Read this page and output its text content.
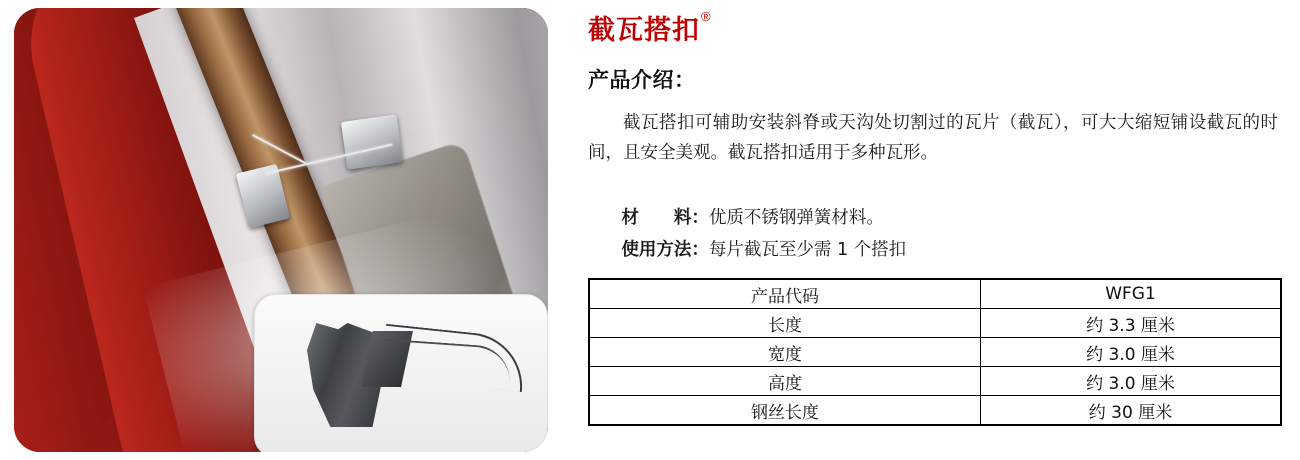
截瓦搭扣®
产品介绍：
截瓦搭扣可辅助安装斜脊或天沟处切割过的瓦片（截瓦），可大大缩短铺设截瓦的时间，且安全美观。截瓦搭扣适用于多种瓦形。

材　　料：优质不锈钢弹簧材料。

使用方法：每片截瓦至少需 1 个搭扣

产品代码	WFG1
长度	约 3.3 厘米
宽度	约 3.0 厘米
高度	约 3.0 厘米
钢丝长度	约 30 厘米
